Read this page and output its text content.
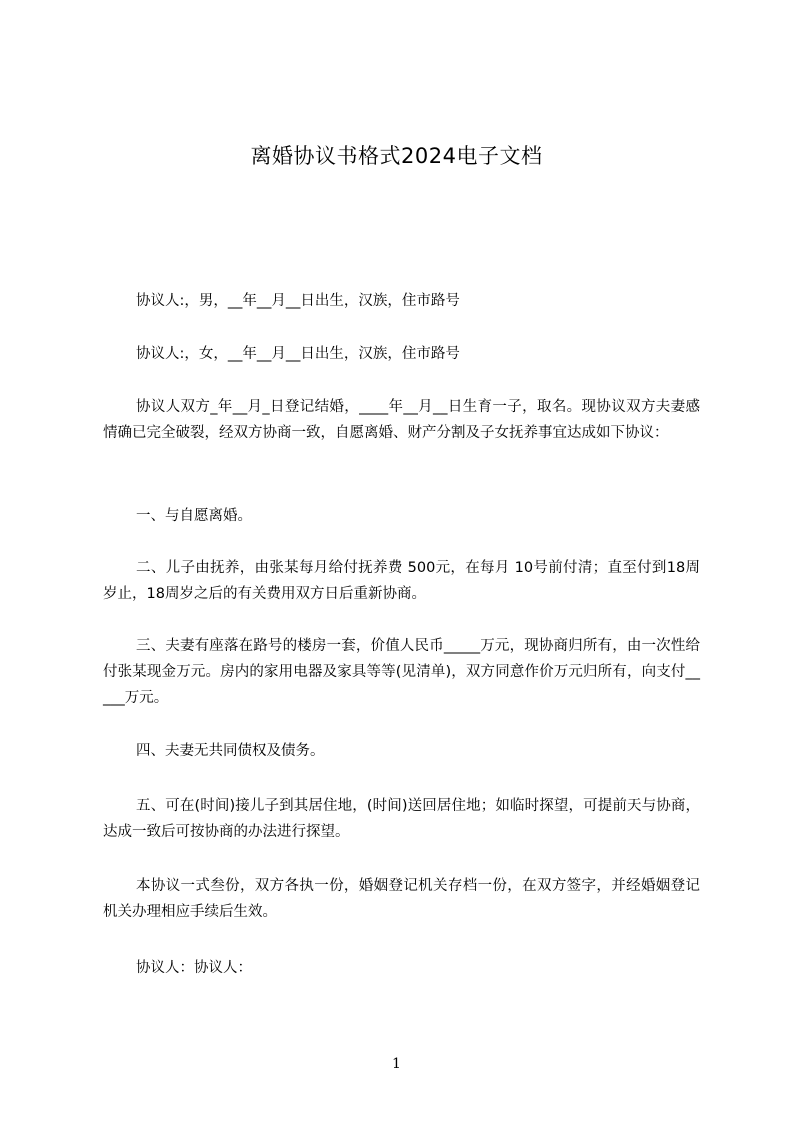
离婚协议书格式2024电子文档
协议人:，男，__年__月__日出生，汉族，住市路号
协议人:，女，__年__月__日出生，汉族，住市路号
协议人双方_年__月_日登记结婚，____年__月__日生育一子，取名。现协议双方夫妻感情确已完全破裂，经双方协商一致，自愿离婚、财产分割及子女抚养事宜达成如下协议：
一、与自愿离婚。
二、儿子由抚养，由张某每月给付抚养费 500元，在每月 10号前付清；直至付到18周岁止，18周岁之后的有关费用双方日后重新协商。
三、夫妻有座落在路号的楼房一套，价值人民币_____万元，现协商归所有，由一次性给付张某现金万元。房内的家用电器及家具等等(见清单)，双方同意作价万元归所有，向支付_____万元。
四、夫妻无共同债权及债务。
五、可在(时间)接儿子到其居住地，(时间)送回居住地；如临时探望，可提前天与协商，达成一致后可按协商的办法进行探望。
本协议一式叁份，双方各执一份，婚姻登记机关存档一份，在双方签字，并经婚姻登记机关办理相应手续后生效。
协议人：协议人：
1
